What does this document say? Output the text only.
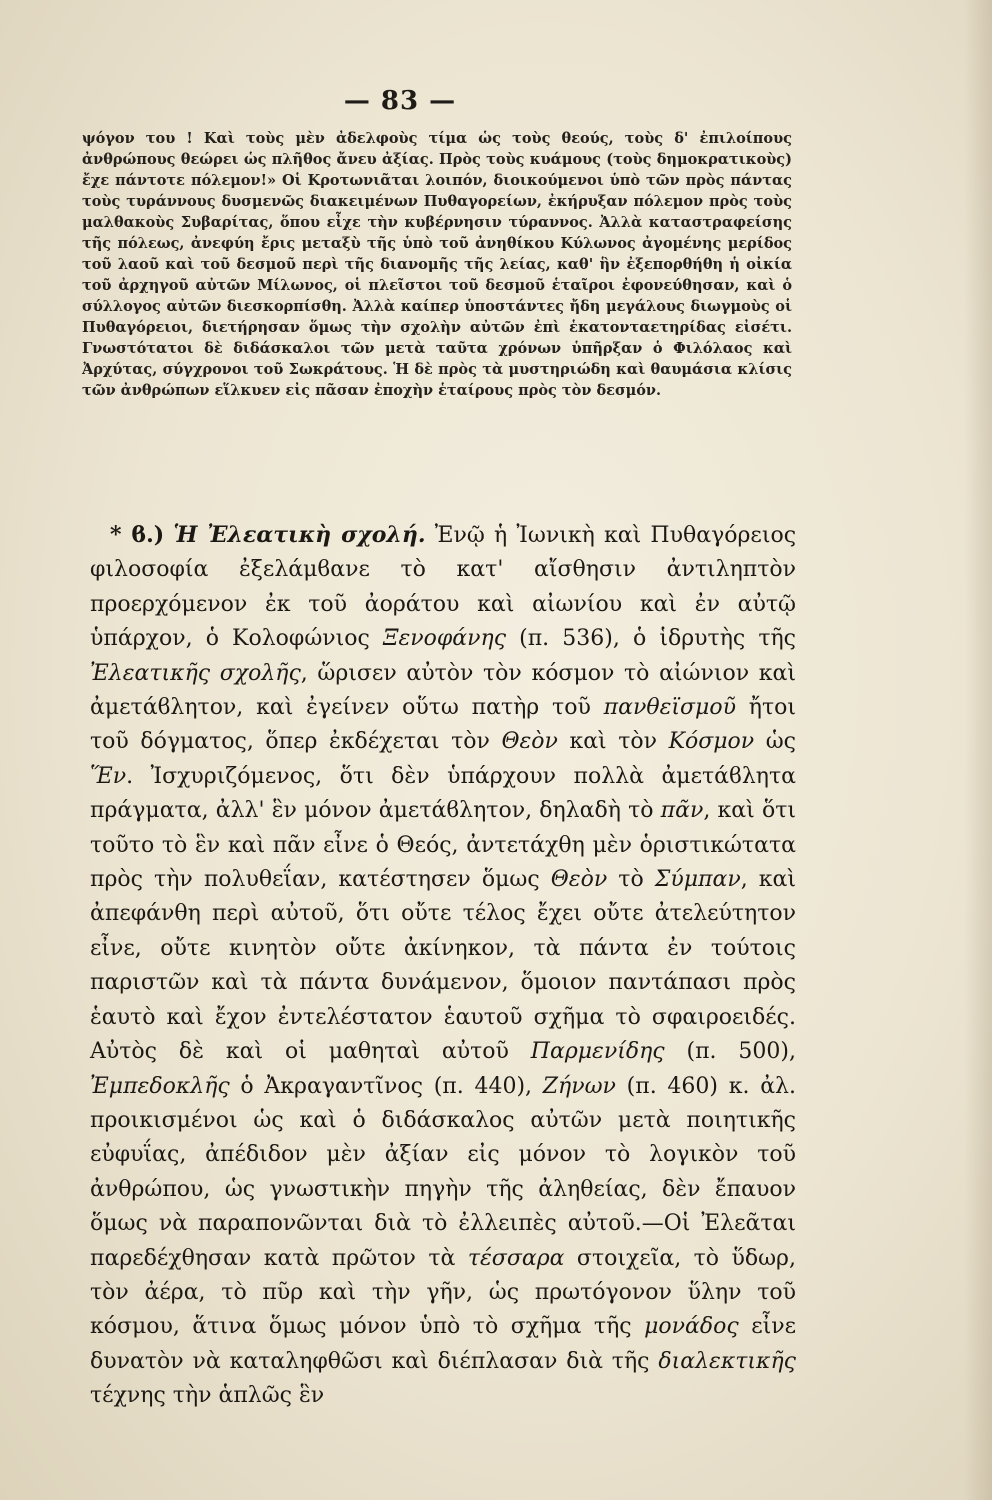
— 83 —

ψόγον του ! Καὶ τοὺς μὲν ἀδελφοὺς τίμα ὡς τοὺς θεούς, τοὺς δ' ἐπιλοίπους ἀνθρώπους θεώρει ὡς πλῆθος ἄνευ ἀξίας. Πρὸς τοὺς κυάμους (τοὺς δημοκρατικοὺς) ἔχε πάντοτε πόλεμον!» Οἱ Κροτωνιᾶται λοιπόν, διοικούμενοι ὑπὸ τῶν πρὸς πάντας τοὺς τυράννους δυσμενῶς διακειμένων Πυθαγορείων, ἐκήρυξαν πόλεμον πρὸς τοὺς μαλθακοὺς Συβαρίτας, ὅπου εἶχε τὴν κυβέρνησιν τύραννος. Ἀλλὰ καταστραφείσης τῆς πόλεως, ἀνεφύη ἔρις μεταξὺ τῆς ὑπὸ τοῦ ἀνηθίκου Κύλωνος ἀγομένης μερίδος τοῦ λαοῦ καὶ τοῦ δεσμοῦ περὶ τῆς διανομῆς τῆς λείας, καθ' ἣν ἐξεπορθήθη ἡ οἰκία τοῦ ἀρχηγοῦ αὐτῶν Μίλωνος, οἱ πλεῖστοι τοῦ δεσμοῦ ἑταῖροι ἐφονεύθησαν, καὶ ὁ σύλλογος αὐτῶν διεσκορπίσθη. Ἀλλὰ καίπερ ὑποστάντες ἤδη μεγάλους διωγμοὺς οἱ Πυθαγόρειοι, διετήρησαν ὅμως τὴν σχολὴν αὐτῶν ἐπὶ ἑκατονταετηρίδας εἰσέτι. Γνωστότατοι δὲ διδάσκαλοι τῶν μετὰ ταῦτα χρόνων ὑπῆρξαν ὁ Φιλόλαος καὶ Ἀρχύτας, σύγχρονοι τοῦ Σωκράτους. Ἡ δὲ πρὸς τὰ μυστηριώδη καὶ θαυμάσια κλίσις τῶν ἀνθρώπων εἵλκυεν εἰς πᾶσαν ἐποχὴν ἑταίρους πρὸς τὸν δεσμόν.

* ϐ.) Ἡ Ἐλεατικὴ σχολή. Ἐνῷ ἡ Ἰωνικὴ καὶ Πυθαγόρειος φιλοσοφία ἐξελάμϐανε τὸ κατ' αἴσθησιν ἀντιληπτὸν προερχόμενον ἐκ τοῦ ἀοράτου καὶ αἰωνίου καὶ ἐν αὐτῷ ὑπάρχον, ὁ Κολοφώνιος Ξενοφάνης (π. 536), ὁ ἱδρυτὴς τῆς Ἐλεατικῆς σχολῆς, ὥρισεν αὐτὸν τὸν κόσμον τὸ αἰώνιον καὶ ἀμετάϐλητον, καὶ ἐγείνεν οὕτω πατὴρ τοῦ πανθεϊσμοῦ ἤτοι τοῦ δόγματος, ὅπερ ἐκδέχεται τὸν Θεὸν καὶ τὸν Κόσμον ὡς Ἕν. Ἰσχυριζόμενος, ὅτι δὲν ὑπάρχουν πολλὰ ἀμετάϐλητα πράγματα, ἀλλ' ἓν μόνον ἀμετάϐλητον, δηλαδὴ τὸ πᾶν, καὶ ὅτι τοῦτο τὸ ἓν καὶ πᾶν εἶνε ὁ Θεός, ἀντετάχθη μὲν ὁριστικώτατα πρὸς τὴν πολυθεΐαν, κατέστησεν ὅμως Θεὸν τὸ Σύμπαν, καὶ ἀπεφάνθη περὶ αὐτοῦ, ὅτι οὔτε τέλος ἔχει οὔτε ἀτελεύτητον εἶνε, οὔτε κινητὸν οὔτε ἀκίνηκον, τὰ πάντα ἐν τούτοις παριστῶν καὶ τὰ πάντα δυνάμενον, ὅμοιον παντάπασι πρὸς ἑαυτὸ καὶ ἔχον ἐντελέστατον ἑαυτοῦ σχῆμα τὸ σφαιροειδές. Αὐτὸς δὲ καὶ οἱ μαθηταὶ αὐτοῦ Παρμενίδης (π. 500), Ἐμπεδοκλῆς ὁ Ἀκραγαντῖνος (π. 440), Ζήνων (π. 460) κ. ἀλ. προικισμένοι ὡς καὶ ὁ διδάσκαλος αὐτῶν μετὰ ποιητικῆς εὐφυΐας, ἀπέδιδον μὲν ἀξίαν εἰς μόνον τὸ λογικὸν τοῦ ἀνθρώπου, ὡς γνωστικὴν πηγὴν τῆς ἀληθείας, δὲν ἔπαυον ὅμως νὰ παραπονῶνται διὰ τὸ ἐλλειπὲς αὐτοῦ.—Οἱ Ἐλεᾶται παρεδέχθησαν κατὰ πρῶτον τὰ τέσσαρα στοιχεῖα, τὸ ὕδωρ, τὸν ἀέρα, τὸ πῦρ καὶ τὴν γῆν, ὡς πρωτόγονον ὕλην τοῦ κόσμου, ἅτινα ὅμως μόνον ὑπὸ τὸ σχῆμα τῆς μονάδος εἶνε δυνατὸν νὰ καταληφθῶσι καὶ διέπλασαν διὰ τῆς διαλεκτικῆς τέχνης τὴν ἁπλῶς ἓν
